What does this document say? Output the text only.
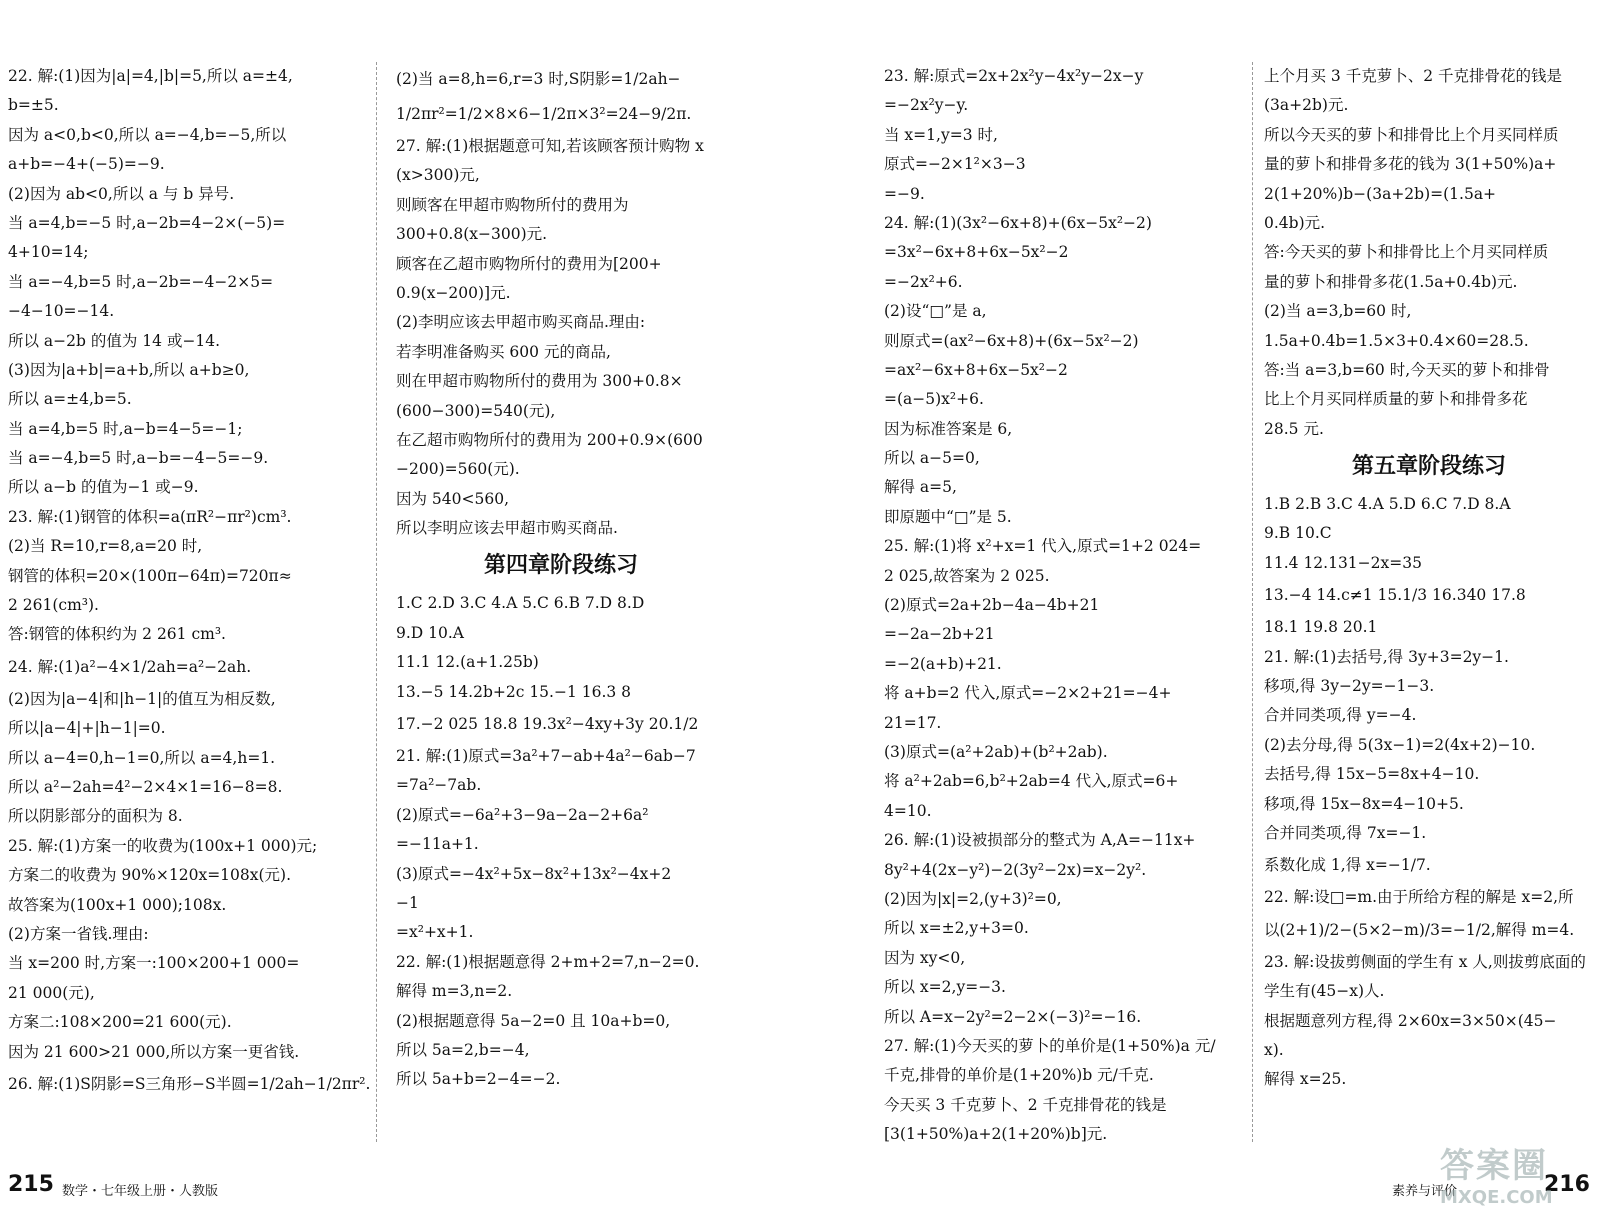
22. 解:(1)因为|a|=4,|b|=5,所以 a=±4,
b=±5.
因为 a<0,b<0,所以 a=−4,b=−5,所以
a+b=−4+(−5)=−9.
(2)因为 ab<0,所以 a 与 b 异号.
当 a=4,b=−5 时,a−2b=4−2×(−5)=
4+10=14;
当 a=−4,b=5 时,a−2b=−4−2×5=
−4−10=−14.
所以 a−2b 的值为 14 或−14.
(3)因为|a+b|=a+b,所以 a+b≥0,
所以 a=±4,b=5.
当 a=4,b=5 时,a−b=4−5=−1;
当 a=−4,b=5 时,a−b=−4−5=−9.
所以 a−b 的值为−1 或−9.
23. 解:(1)钢管的体积=a(πR²−πr²)cm³.
(2)当 R=10,r=8,a=20 时,
钢管的体积=20×(100π−64π)=720π≈
2 261(cm³).
答:钢管的体积约为 2 261 cm³.
24. 解:(1)a²−4×1/2ah=a²−2ah.
(2)因为|a−4|和|h−1|的值互为相反数,
所以|a−4|+|h−1|=0.
所以 a−4=0,h−1=0,所以 a=4,h=1.
所以 a²−2ah=4²−2×4×1=16−8=8.
所以阴影部分的面积为 8.
25. 解:(1)方案一的收费为(100x+1 000)元;
方案二的收费为 90%×120x=108x(元).
故答案为(100x+1 000);108x.
(2)方案一省钱.理由:
当 x=200 时,方案一:100×200+1 000=
21 000(元),
方案二:108×200=21 600(元).
因为 21 600>21 000,所以方案一更省钱.
26. 解:(1)S阴影=S三角形−S半圆=1/2ah−1/2πr².
(2)当 a=8,h=6,r=3 时,S阴影=1/2ah−
1/2πr²=1/2×8×6−1/2π×3²=24−9/2π.
27. 解:(1)根据题意可知,若该顾客预计购物 x
(x>300)元,
则顾客在甲超市购物所付的费用为
300+0.8(x−300)元.
顾客在乙超市购物所付的费用为[200+
0.9(x−200)]元.
(2)李明应该去甲超市购买商品.理由:
若李明准备购买 600 元的商品,
则在甲超市购物所付的费用为 300+0.8×
(600−300)=540(元),
在乙超市购物所付的费用为 200+0.9×(600
−200)=560(元).
因为 540<560,
所以李明应该去甲超市购买商品.
第四章阶段练习
1.C 2.D 3.C 4.A 5.C 6.B 7.D 8.D
9.D 10.A
11.1 12.(a+1.25b)
13.−5 14.2b+2c 15.−1 16.3 8
17.−2 025 18.8 19.3x²−4xy+3y 20.1/2
21. 解:(1)原式=3a²+7−ab+4a²−6ab−7
=7a²−7ab.
(2)原式=−6a²+3−9a−2a−2+6a²
=−11a+1.
(3)原式=−4x²+5x−8x²+13x²−4x+2
−1
=x²+x+1.
22. 解:(1)根据题意得 2+m+2=7,n−2=0.
解得 m=3,n=2.
(2)根据题意得 5a−2=0 且 10a+b=0,
所以 5a=2,b=−4,
所以 5a+b=2−4=−2.
23. 解:原式=2x+2x²y−4x²y−2x−y
=−2x²y−y.
当 x=1,y=3 时,
原式=−2×1²×3−3
=−9.
24. 解:(1)(3x²−6x+8)+(6x−5x²−2)
=3x²−6x+8+6x−5x²−2
=−2x²+6.
(2)设“□”是 a,
则原式=(ax²−6x+8)+(6x−5x²−2)
=ax²−6x+8+6x−5x²−2
=(a−5)x²+6.
因为标准答案是 6,
所以 a−5=0,
解得 a=5,
即原题中“□”是 5.
25. 解:(1)将 x²+x=1 代入,原式=1+2 024=
2 025,故答案为 2 025.
(2)原式=2a+2b−4a−4b+21
=−2a−2b+21
=−2(a+b)+21.
将 a+b=2 代入,原式=−2×2+21=−4+
21=17.
(3)原式=(a²+2ab)+(b²+2ab).
将 a²+2ab=6,b²+2ab=4 代入,原式=6+
4=10.
26. 解:(1)设被损部分的整式为 A,A=−11x+
8y²+4(2x−y²)−2(3y²−2x)=x−2y².
(2)因为|x|=2,(y+3)²=0,
所以 x=±2,y+3=0.
因为 xy<0,
所以 x=2,y=−3.
所以 A=x−2y²=2−2×(−3)²=−16.
27. 解:(1)今天买的萝卜的单价是(1+50%)a 元/
千克,排骨的单价是(1+20%)b 元/千克.
今天买 3 千克萝卜、2 千克排骨花的钱是
[3(1+50%)a+2(1+20%)b]元.
上个月买 3 千克萝卜、2 千克排骨花的钱是
(3a+2b)元.
所以今天买的萝卜和排骨比上个月买同样质
量的萝卜和排骨多花的钱为 3(1+50%)a+
2(1+20%)b−(3a+2b)=(1.5a+
0.4b)元.
答:今天买的萝卜和排骨比上个月买同样质
量的萝卜和排骨多花(1.5a+0.4b)元.
(2)当 a=3,b=60 时,
1.5a+0.4b=1.5×3+0.4×60=28.5.
答:当 a=3,b=60 时,今天买的萝卜和排骨
比上个月买同样质量的萝卜和排骨多花
28.5 元.
第五章阶段练习
1.B 2.B 3.C 4.A 5.D 6.C 7.D 8.A
9.B 10.C
11.4 12.131−2x=35
13.−4 14.c≠1 15.1/3 16.340 17.8
18.1 19.8 20.1
21. 解:(1)去括号,得 3y+3=2y−1.
移项,得 3y−2y=−1−3.
合并同类项,得 y=−4.
(2)去分母,得 5(3x−1)=2(4x+2)−10.
去括号,得 15x−5=8x+4−10.
移项,得 15x−8x=4−10+5.
合并同类项,得 7x=−1.
系数化成 1,得 x=−1/7.
22. 解:设□=m.由于所给方程的解是 x=2,所
以(2+1)/2−(5×2−m)/3=−1/2,解得 m=4.
23. 解:设拔剪侧面的学生有 x 人,则拔剪底面的
学生有(45−x)人.
根据题意列方程,得 2×60x=3×50×(45−
x).
解得 x=25.
215 数学・七年级上册・人教版	素养与评价	216
答案圈
MXQE.COM
